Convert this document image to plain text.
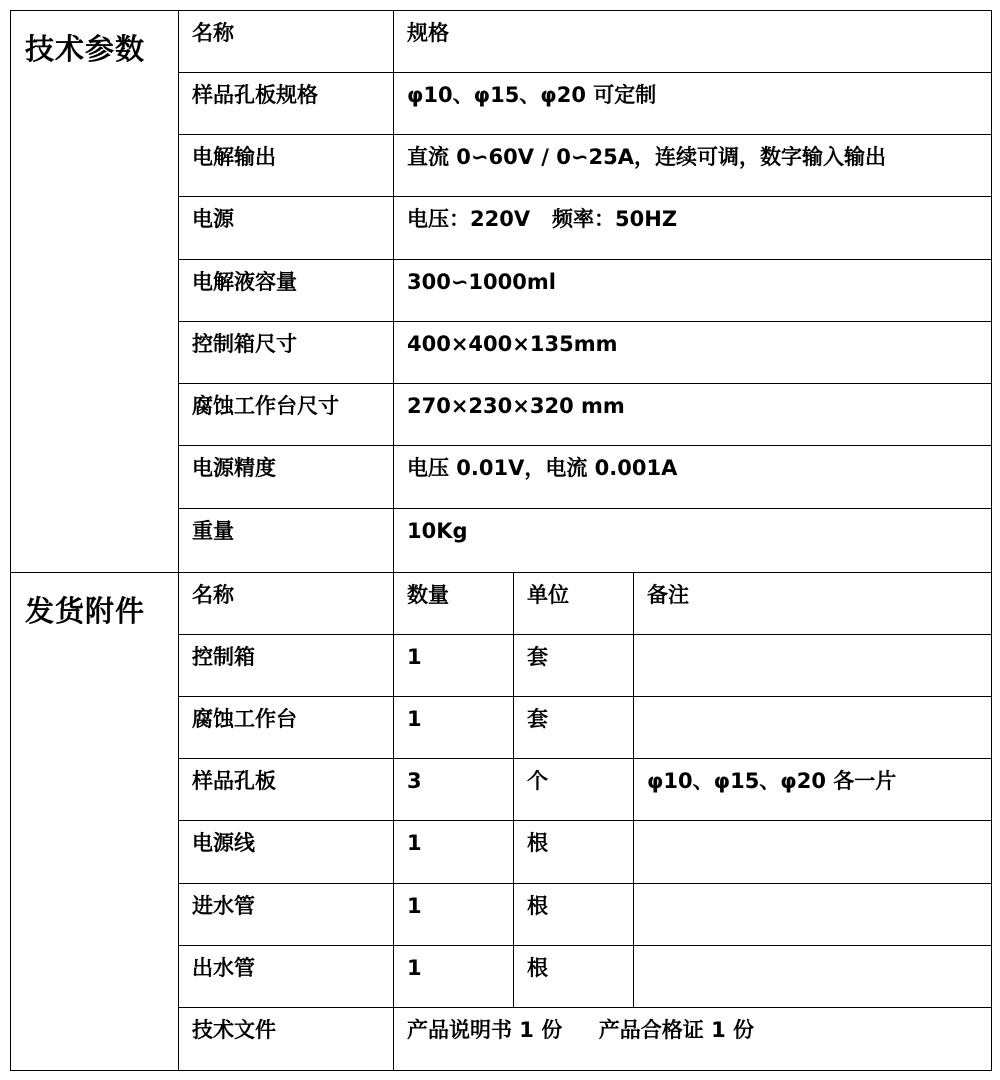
技术参数
发货附件
名称	规格
样品孔板规格	φ10、φ15、φ20 可定制
电解输出	直流 0∽60V / 0∽25A，连续可调，数字输入输出
电源	电压：220V   频率：50HZ
电解液容量	300∽1000ml
控制箱尺寸	400×400×135mm
腐蚀工作台尺寸	270×230×320 mm
电源精度	电压 0.01V，电流 0.001A
重量	10Kg
名称	数量	单位	备注
控制箱	1	套
腐蚀工作台	1	套
样品孔板	3	个	φ10、φ15、φ20 各一片
电源线	1	根
进水管	1	根
出水管	1	根
技术文件	产品说明书 1 份     产品合格证 1 份
